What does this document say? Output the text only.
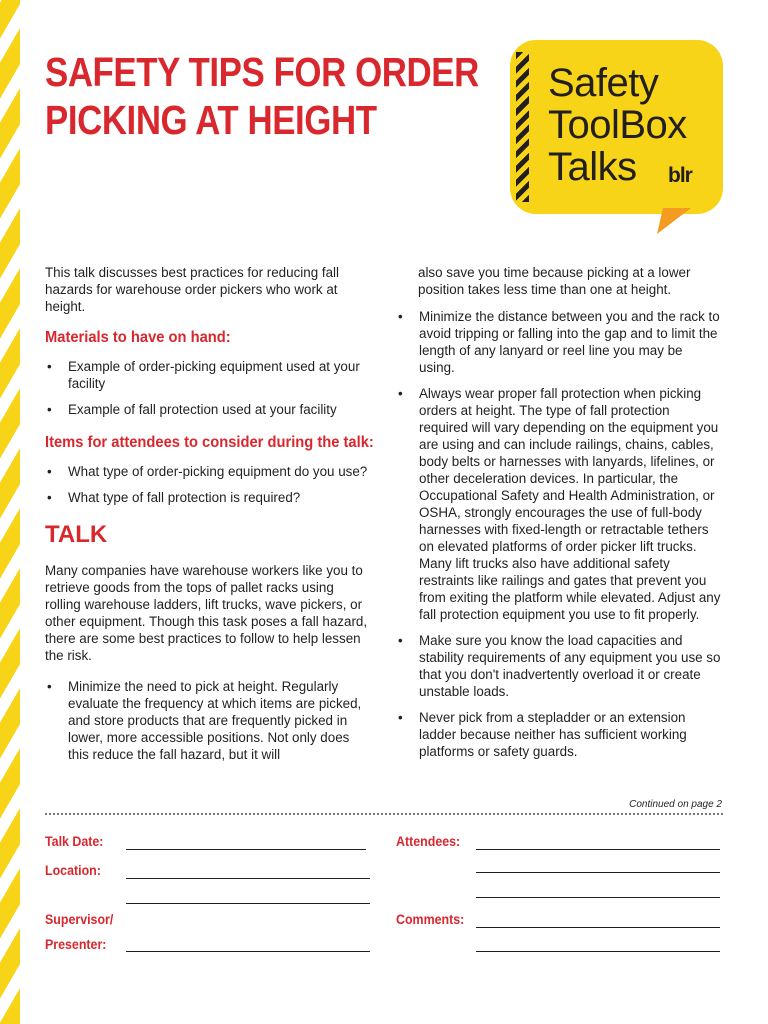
SAFETY TIPS FOR ORDER
PICKING AT HEIGHT
Safety
ToolBox
Talks	blr

This talk discusses best practices for reducing fall hazards for warehouse order pickers who work at height.

Materials to have on hand:
• Example of order-picking equipment used at your facility
• Example of fall protection used at your facility
Items for attendees to consider during the talk:
• What type of order-picking equipment do you use?
• What type of fall protection is required?
TALK

Many companies have warehouse workers like you to retrieve goods from the tops of pallet racks using rolling warehouse ladders, lift trucks, wave pickers, or other equipment. Though this task poses a fall hazard, there are some best practices to follow to help lessen the risk.

• Minimize the need to pick at height. Regularly evaluate the frequency at which items are picked, and store products that are frequently picked in lower, more accessible positions. Not only does this reduce the fall hazard, but it will

also save you time because picking at a lower position takes less time than one at height.

• Minimize the distance between you and the rack to avoid tripping or falling into the gap and to limit the length of any lanyard or reel line you may be using.
• Always wear proper fall protection when picking orders at height. The type of fall protection required will vary depending on the equipment you are using and can include railings, chains, cables, body belts or harnesses with lanyards, lifelines, or other deceleration devices. In particular, the Occupational Safety and Health Administration, or OSHA, strongly encourages the use of full-body harnesses with fixed-length or retractable tethers on elevated platforms of order picker lift trucks. Many lift trucks also have additional safety restraints like railings and gates that prevent you from exiting the platform while elevated. Adjust any fall protection equipment you use to fit properly.
• Make sure you know the load capacities and stability requirements of any equipment you use so that you don't inadvertently overload it or create unstable loads.
• Never pick from a stepladder or an extension ladder because neither has sufficient working platforms or safety guards.
Continued on page 2
Talk Date:
Location:
Supervisor/
Presenter:
Attendees:
Comments:
